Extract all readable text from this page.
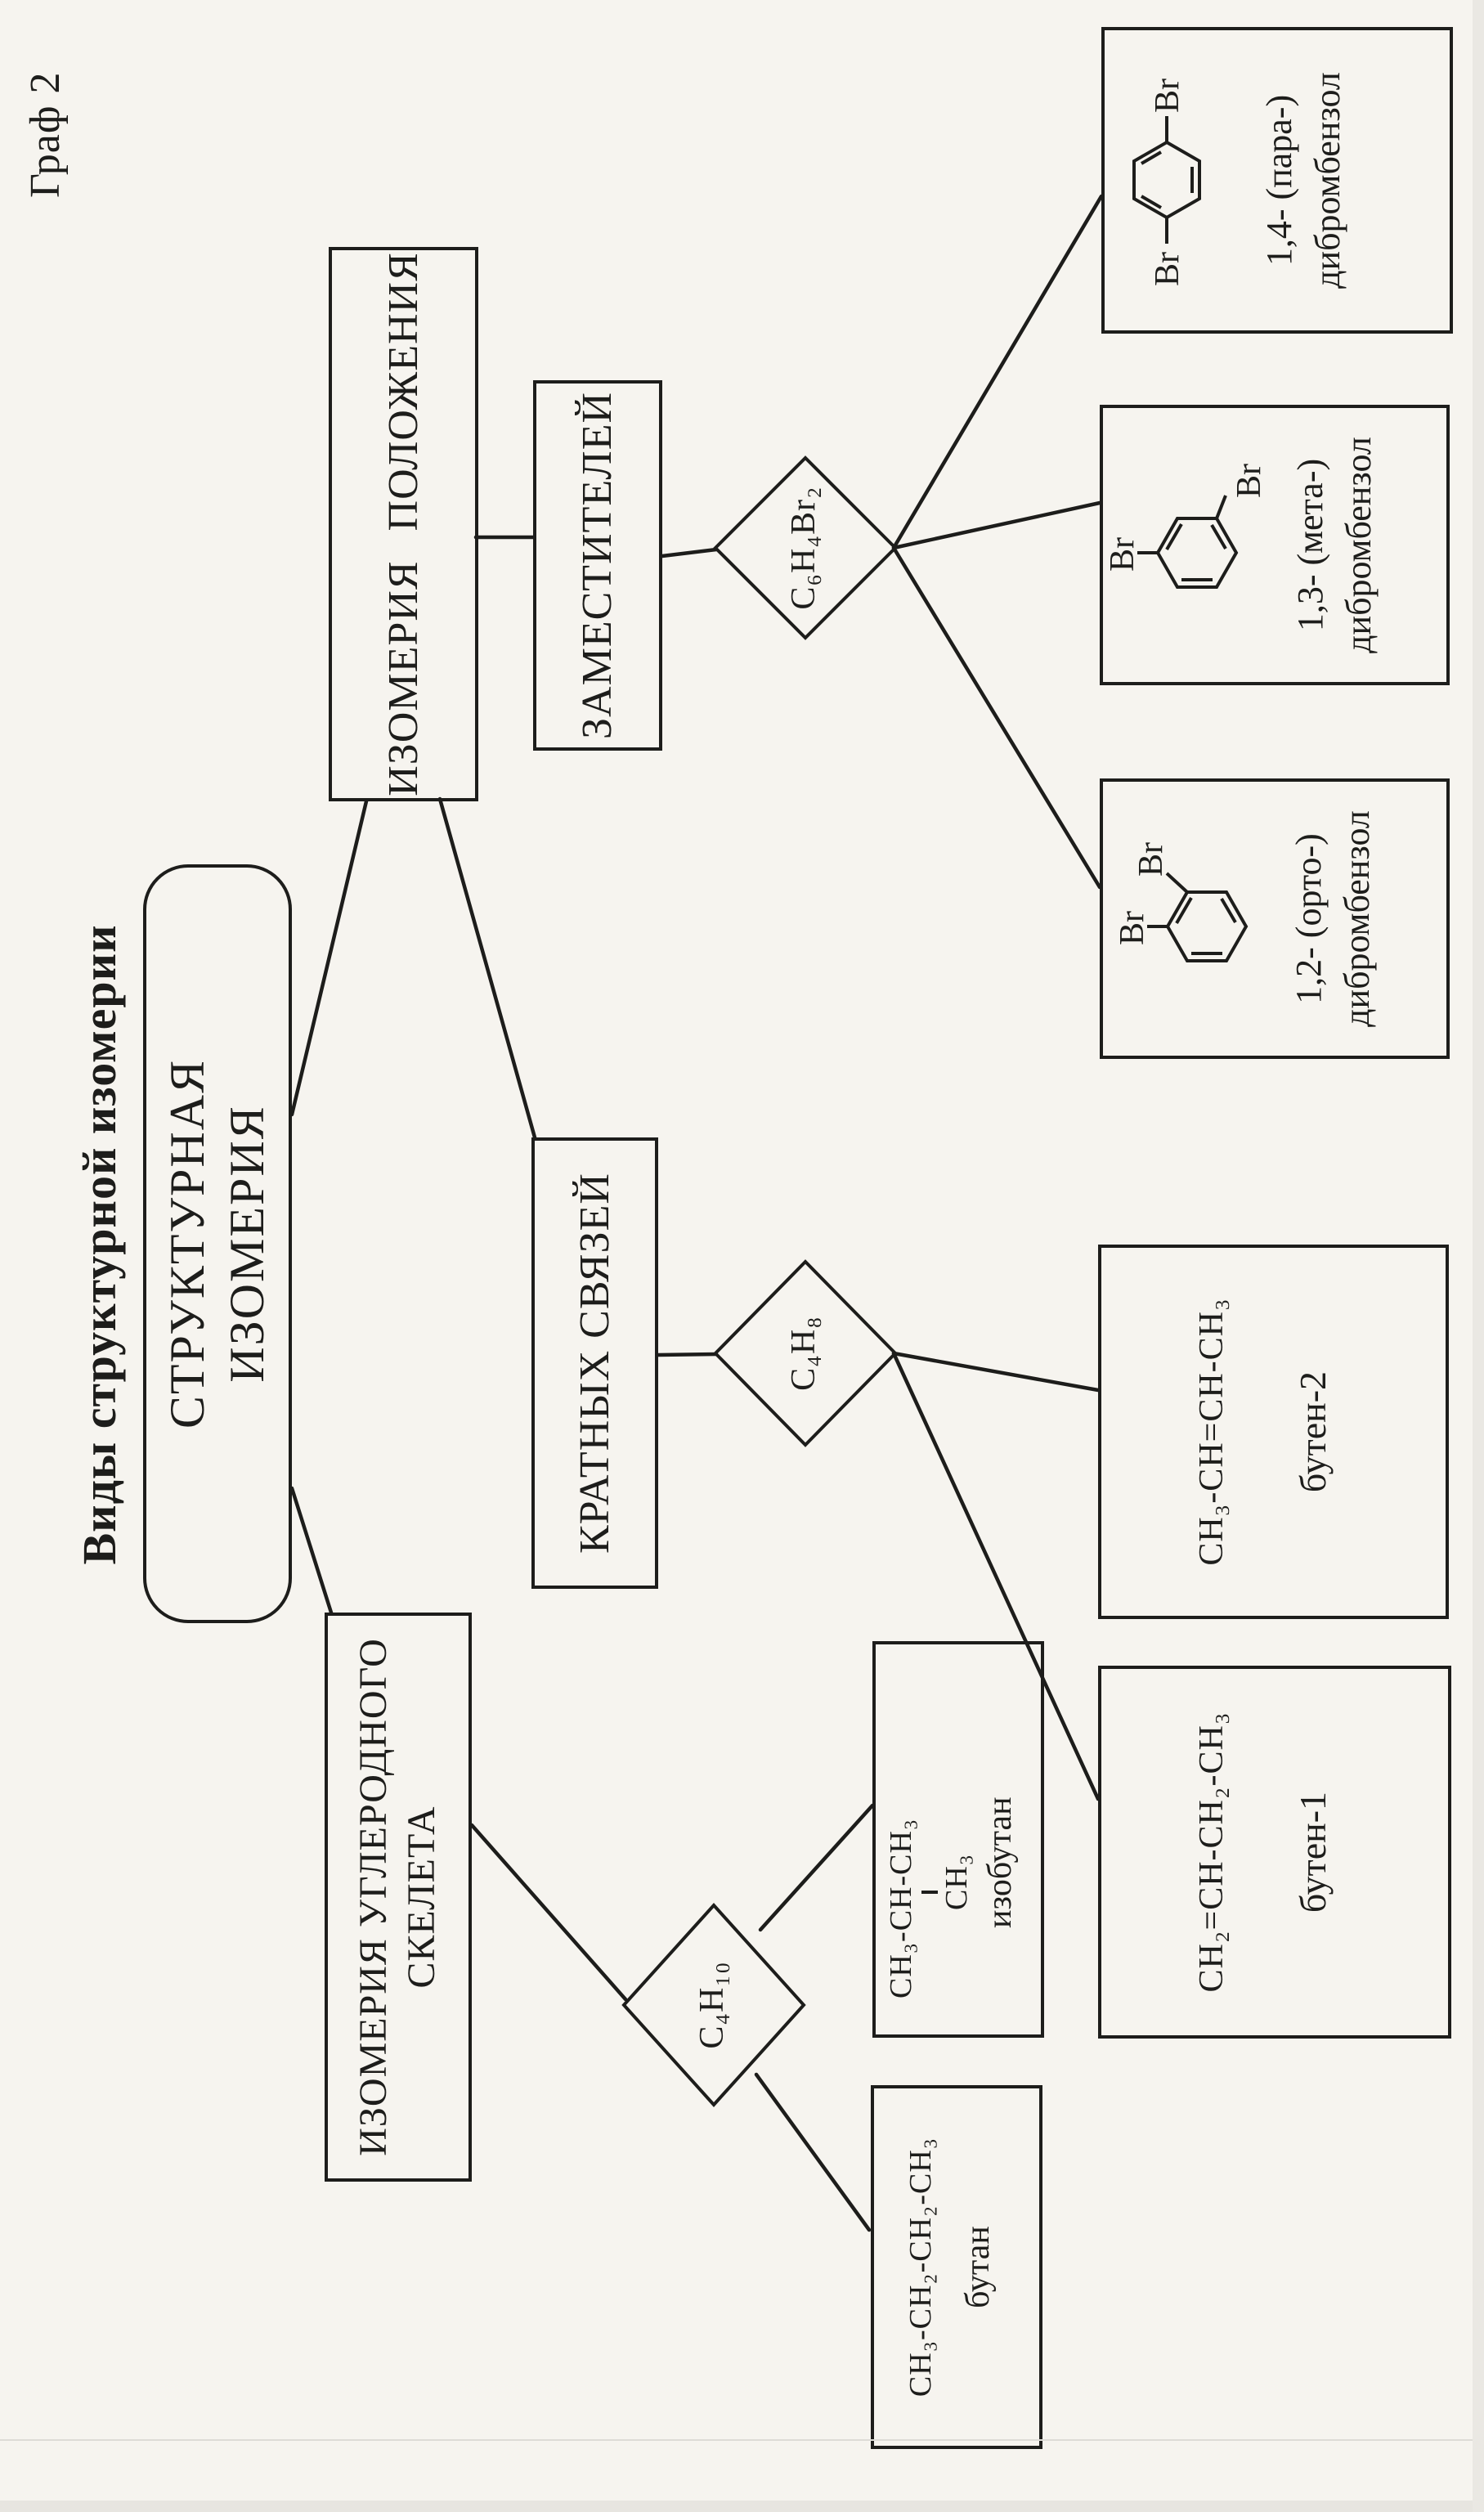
Граф 2
Виды структурной изомерии СТРУКТУРНАЯ ИЗОМЕРИЯ
ИЗОМЕРИЯ ПОЛОЖЕНИЯ
ИЗОМЕРИЯ УГЛЕРОДНОГО СКЕЛЕТА
ЗАМЕСТИТЕЛЕЙ
КРАТНЫХ СВЯЗЕЙ
C₆H₄Br₂
C₄H₈
C₄H₁₀
Br
Br 1,4- (пара-) дибромбензол
Br
Br 1,3- (мета-) дибромбензол
Br
Br	1,2- (орто-) дибромбензол
CH₃-CH=CH-CH₃ бутен-2
CH₂=CH-CH₂-CH₃ бутен-1
CH₃-CH-CH₃ CH₃ изобутан
CH₃-CH₂-CH₂-CH₃ бутан
